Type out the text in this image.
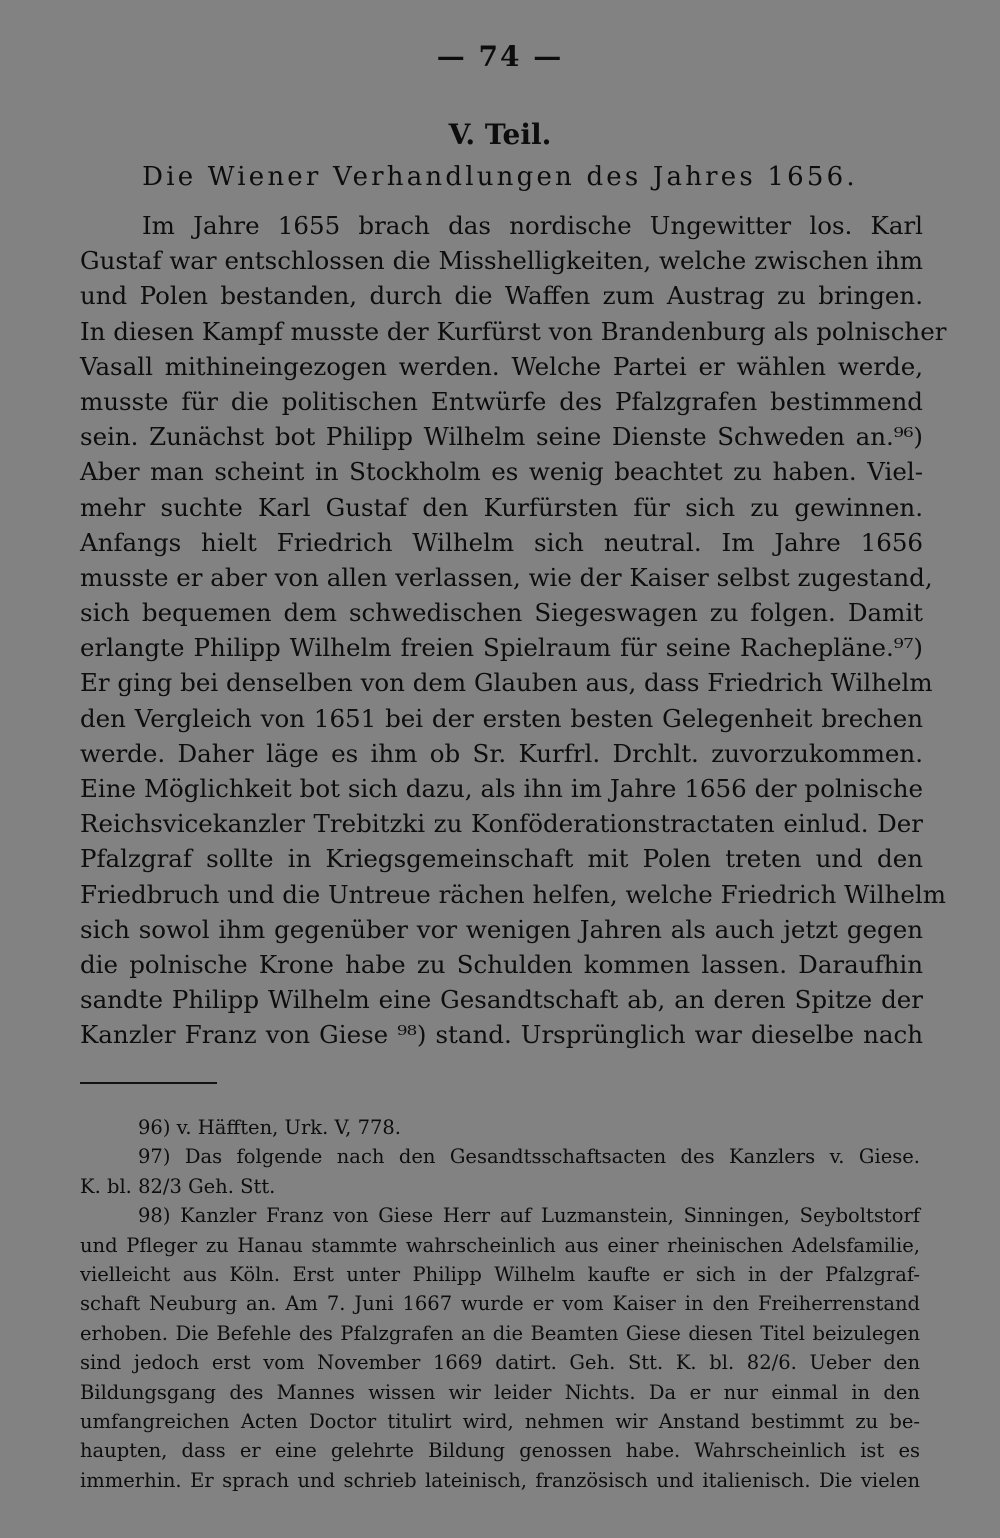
— 74 —
V. Teil.
Die Wiener Verhandlungen des Jahres 1656.
Im Jahre 1655 brach das nordische Ungewitter los. Karl
Gustaf war entschlossen die Misshelligkeiten, welche zwischen ihm
und Polen bestanden, durch die Waffen zum Austrag zu bringen.
In diesen Kampf musste der Kurfürst von Brandenburg als polnischer
Vasall mithineingezogen werden. Welche Partei er wählen werde,
musste für die politischen Entwürfe des Pfalzgrafen bestimmend
sein. Zunächst bot Philipp Wilhelm seine Dienste Schweden an.⁹⁶)
Aber man scheint in Stockholm es wenig beachtet zu haben. Viel-
mehr suchte Karl Gustaf den Kurfürsten für sich zu gewinnen.
Anfangs hielt Friedrich Wilhelm sich neutral. Im Jahre 1656
musste er aber von allen verlassen, wie der Kaiser selbst zugestand,
sich bequemen dem schwedischen Siegeswagen zu folgen. Damit
erlangte Philipp Wilhelm freien Spielraum für seine Rachepläne.⁹⁷)
Er ging bei denselben von dem Glauben aus, dass Friedrich Wilhelm
den Vergleich von 1651 bei der ersten besten Gelegenheit brechen
werde. Daher läge es ihm ob Sr. Kurfrl. Drchlt. zuvorzukommen.
Eine Möglichkeit bot sich dazu, als ihn im Jahre 1656 der polnische
Reichsvicekanzler Trebitzki zu Konföderationstractaten einlud. Der
Pfalzgraf sollte in Kriegsgemeinschaft mit Polen treten und den
Friedbruch und die Untreue rächen helfen, welche Friedrich Wilhelm
sich sowol ihm gegenüber vor wenigen Jahren als auch jetzt gegen
die polnische Krone habe zu Schulden kommen lassen. Daraufhin
sandte Philipp Wilhelm eine Gesandtschaft ab, an deren Spitze der
Kanzler Franz von Giese ⁹⁸) stand. Ursprünglich war dieselbe nach
96) v. Häfften, Urk. V, 778.
97) Das folgende nach den Gesandtsschaftsacten des Kanzlers v. Giese.
K. bl. 82/3 Geh. Stt.
98) Kanzler Franz von Giese Herr auf Luzmanstein, Sinningen, Seyboltstorf
und Pfleger zu Hanau stammte wahrscheinlich aus einer rheinischen Adelsfamilie,
vielleicht aus Köln. Erst unter Philipp Wilhelm kaufte er sich in der Pfalzgraf-
schaft Neuburg an. Am 7. Juni 1667 wurde er vom Kaiser in den Freiherrenstand
erhoben. Die Befehle des Pfalzgrafen an die Beamten Giese diesen Titel beizulegen
sind jedoch erst vom November 1669 datirt. Geh. Stt. K. bl. 82/6. Ueber den
Bildungsgang des Mannes wissen wir leider Nichts. Da er nur einmal in den
umfangreichen Acten Doctor titulirt wird, nehmen wir Anstand bestimmt zu be-
haupten, dass er eine gelehrte Bildung genossen habe. Wahrscheinlich ist es
immerhin. Er sprach und schrieb lateinisch, französisch und italienisch. Die vielen
